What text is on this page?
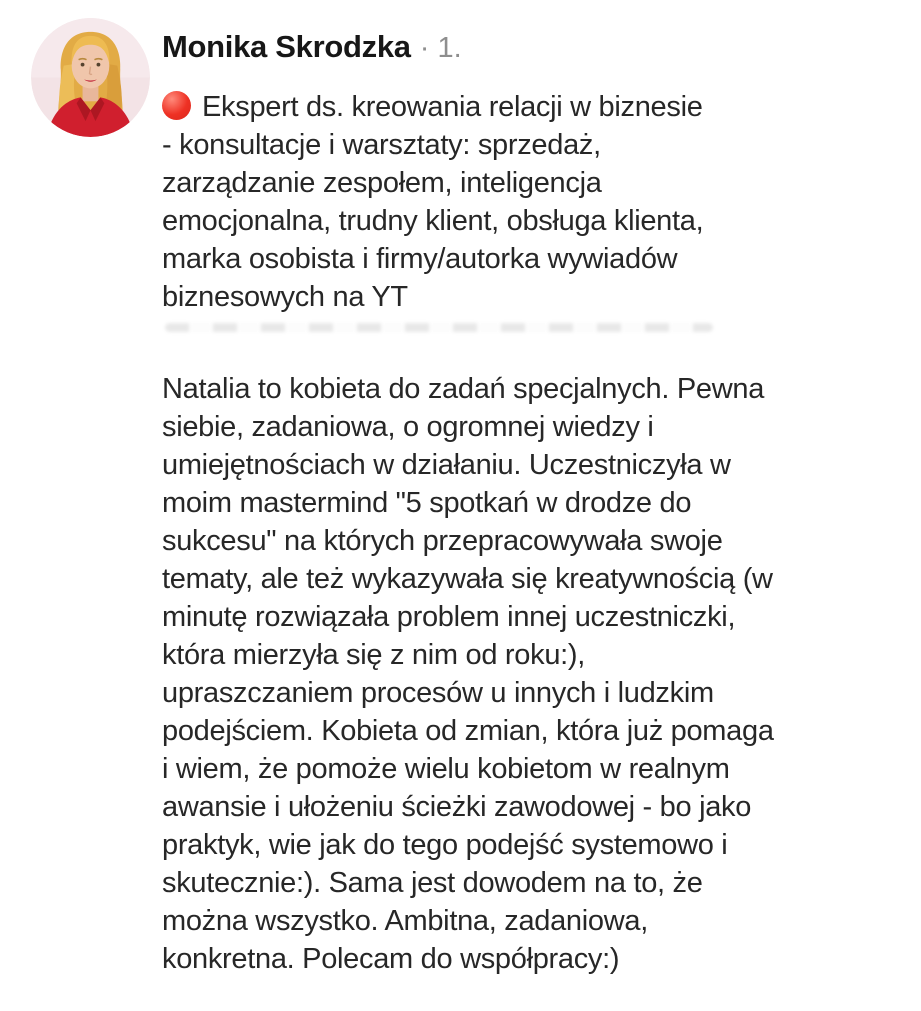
Monika Skrodzka · 1.
Ekspert ds. kreowania relacji w biznesie
- konsultacje i warsztaty: sprzedaż,
zarządzanie zespołem, inteligencja
emocjonalna, trudny klient, obsługa klienta,
marka osobista i firmy/autorka wywiadów
biznesowych na YT
Natalia to kobieta do zadań specjalnych. Pewna
siebie, zadaniowa, o ogromnej wiedzy i
umiejętnościach w działaniu. Uczestniczyła w
moim mastermind "5 spotkań w drodze do
sukcesu" na których przepracowywała swoje
tematy, ale też wykazywała się kreatywnością (w
minutę rozwiązała problem innej uczestniczki,
która mierzyła się z nim od roku:),
upraszczaniem procesów u innych i ludzkim
podejściem. Kobieta od zmian, która już pomaga
i wiem, że pomoże wielu kobietom w realnym
awansie i ułożeniu ścieżki zawodowej - bo jako
praktyk, wie jak do tego podejść systemowo i
skutecznie:). Sama jest dowodem na to, że
można wszystko. Ambitna, zadaniowa,
konkretna. Polecam do współpracy:)
